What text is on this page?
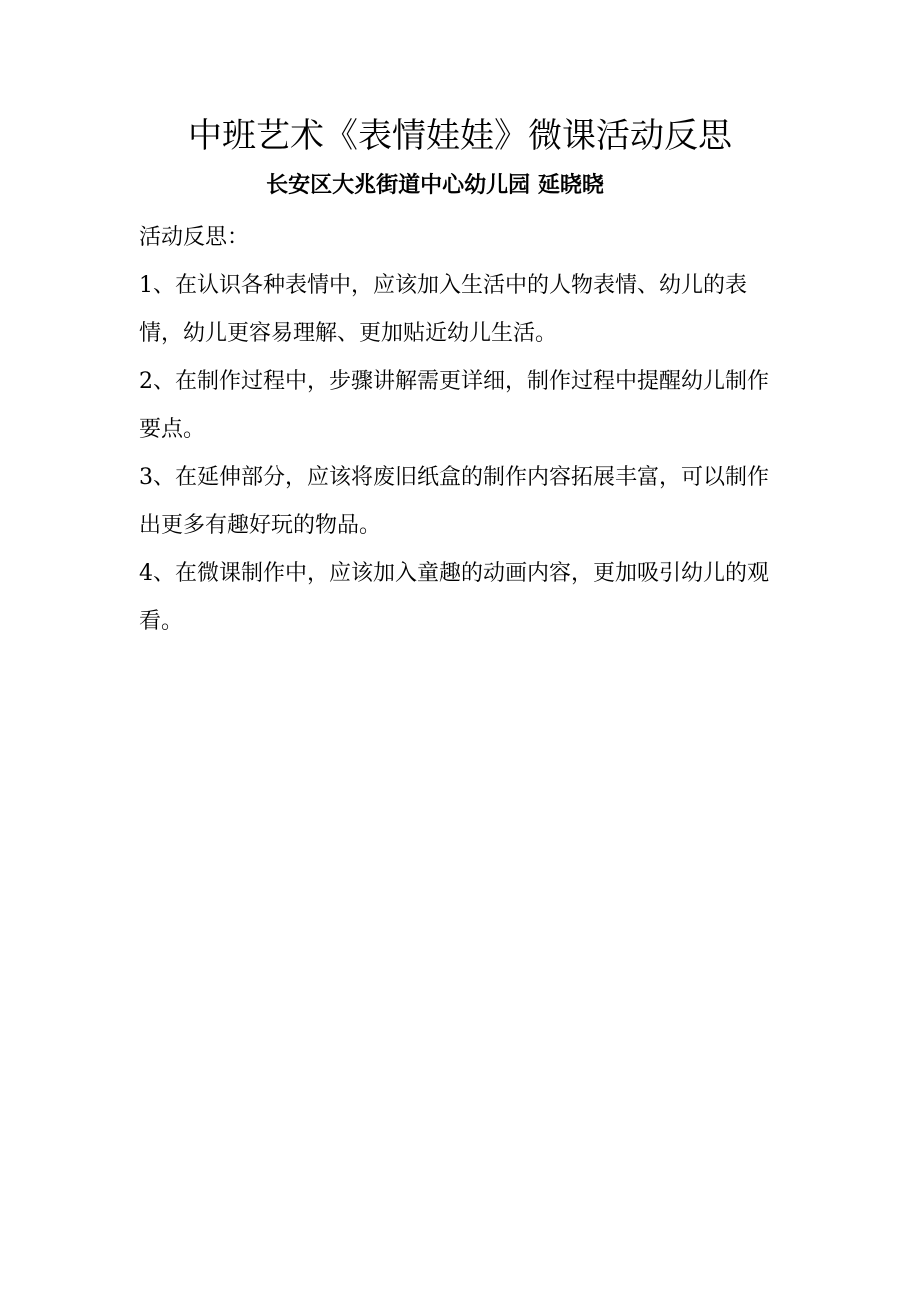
中班艺术《表情娃娃》微课活动反思
长安区大兆街道中心幼儿园 延晓晓

活动反思：

1、在认识各种表情中，应该加入生活中的人物表情、幼儿的表情，幼儿更容易理解、更加贴近幼儿生活。

2、在制作过程中，步骤讲解需更详细，制作过程中提醒幼儿制作要点。

3、在延伸部分，应该将废旧纸盒的制作内容拓展丰富，可以制作出更多有趣好玩的物品。

4、在微课制作中，应该加入童趣的动画内容，更加吸引幼儿的观看。
